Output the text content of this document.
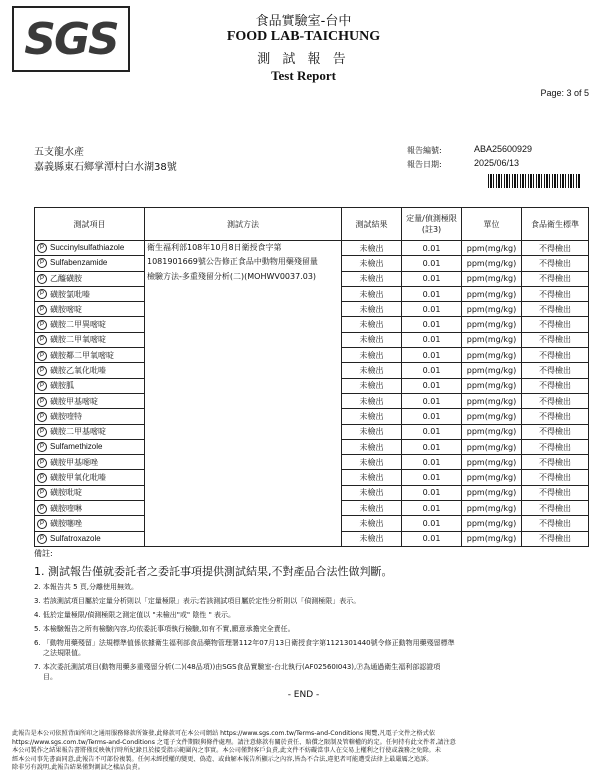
SGS	食品實驗室-台中
FOOD LAB-TAICHUNG
測 試 報 告
Test Report
Page: 3 of 5
五支龍水產
嘉義縣東石鄉掌潭村白水湖38號
報告編號:	ABA25600929
報告日期:	2025/06/13
測試項目	測試方法	測試結果	定量/偵測極限(註3)	單位	食品衛生標準
P Succinylsulfathiazole	衛生福利部108年10月8日衛授食字第
1081901669號公告修正食品中動物用藥殘留量
檢驗方法-多重殘留分析(二)(MOHWV0037.03)	未檢出	0.01	ppm(mg/kg)	不得檢出
P Sulfabenzamide		未檢出	0.01	ppm(mg/kg)	不得檢出
P 乙醯磺胺		未檢出	0.01	ppm(mg/kg)	不得檢出
P 磺胺氯吡嗪		未檢出	0.01	ppm(mg/kg)	不得檢出
P 磺胺嘧啶		未檢出	0.01	ppm(mg/kg)	不得檢出
P 磺胺二甲異嘧啶		未檢出	0.01	ppm(mg/kg)	不得檢出
P 磺胺二甲氧嘧啶		未檢出	0.01	ppm(mg/kg)	不得檢出
P 磺胺鄰二甲氧嘧啶		未檢出	0.01	ppm(mg/kg)	不得檢出
P 磺胺乙氧化吡嗪		未檢出	0.01	ppm(mg/kg)	不得檢出
P 磺胺胍		未檢出	0.01	ppm(mg/kg)	不得檢出
P 磺胺甲基嘧啶		未檢出	0.01	ppm(mg/kg)	不得檢出
P 磺胺喹特		未檢出	0.01	ppm(mg/kg)	不得檢出
P 磺胺二甲基嘧啶		未檢出	0.01	ppm(mg/kg)	不得檢出
P Sulfamethizole		未檢出	0.01	ppm(mg/kg)	不得檢出
P 磺胺甲基噁唑		未檢出	0.01	ppm(mg/kg)	不得檢出
P 磺胺甲氧化吡嗪		未檢出	0.01	ppm(mg/kg)	不得檢出
P 磺胺吡啶		未檢出	0.01	ppm(mg/kg)	不得檢出
P 磺胺喹啉		未檢出	0.01	ppm(mg/kg)	不得檢出
P 磺胺噻唑		未檢出	0.01	ppm(mg/kg)	不得檢出
P Sulfatroxazole		未檢出	0.01	ppm(mg/kg)	不得檢出
備註:
1. 測試報告僅就委託者之委託事項提供測試結果,不對產品合法性做判斷。
2. 本報告共 5 頁,分離使用無效。
3. 若該測試項目屬於定量分析則以「定量極限」表示;若該測試項目屬於定性分析則以「偵測極限」表示。
4. 低於定量極限/偵測極限之測定值以 "未檢出"或" 陰性 " 表示。
5. 本檢驗報告之所有檢驗內容,均依委託事項執行檢驗,如有不實,願意承擔完全責任。
6. 「動物用藥殘留」法規標準值係依據衛生福利部食品藥物管理署112年07月13日衛授食字第1121301440號令修正動物用藥殘留標準
之法規限值。
7. 本次委託測試項目(動物用藥多重殘留分析(二)(48品項))由SGS食品實驗室-台北執行(AF02560I043),Ⓟ為通過衛生福利部認證項
目。
- END -
此報告是本公司依照背面所印之通用服務條款所簽發,此條款可在本公司網站 https://www.sgs.com.tw/Terms-and-Conditions 閱覽,凡電子文件之格式依
https://www.sgs.com.tw/Terms-and-Conditions 之電子文件期限與條件處理。請注意條款有關於責任、賠償之限制及管轄權的約定。任何持有此文件者,請注意
本公司製作之結果報告書將僅反映執行時所紀錄且於接受指示範圍內之事實。本公司僅對客戶負責,此文件不妨礙當事人在交易上權利之行使或義務之免除。未
經本公司事先書面同意,此報告不可部份複製。任何未經授權的變更、偽造、或曲解本報告所顯示之內容,皆為不合法,違犯者可能遭受法律上最嚴厲之追訴。
除非另有說明,此報告結果僅對測試之樣品負責。
